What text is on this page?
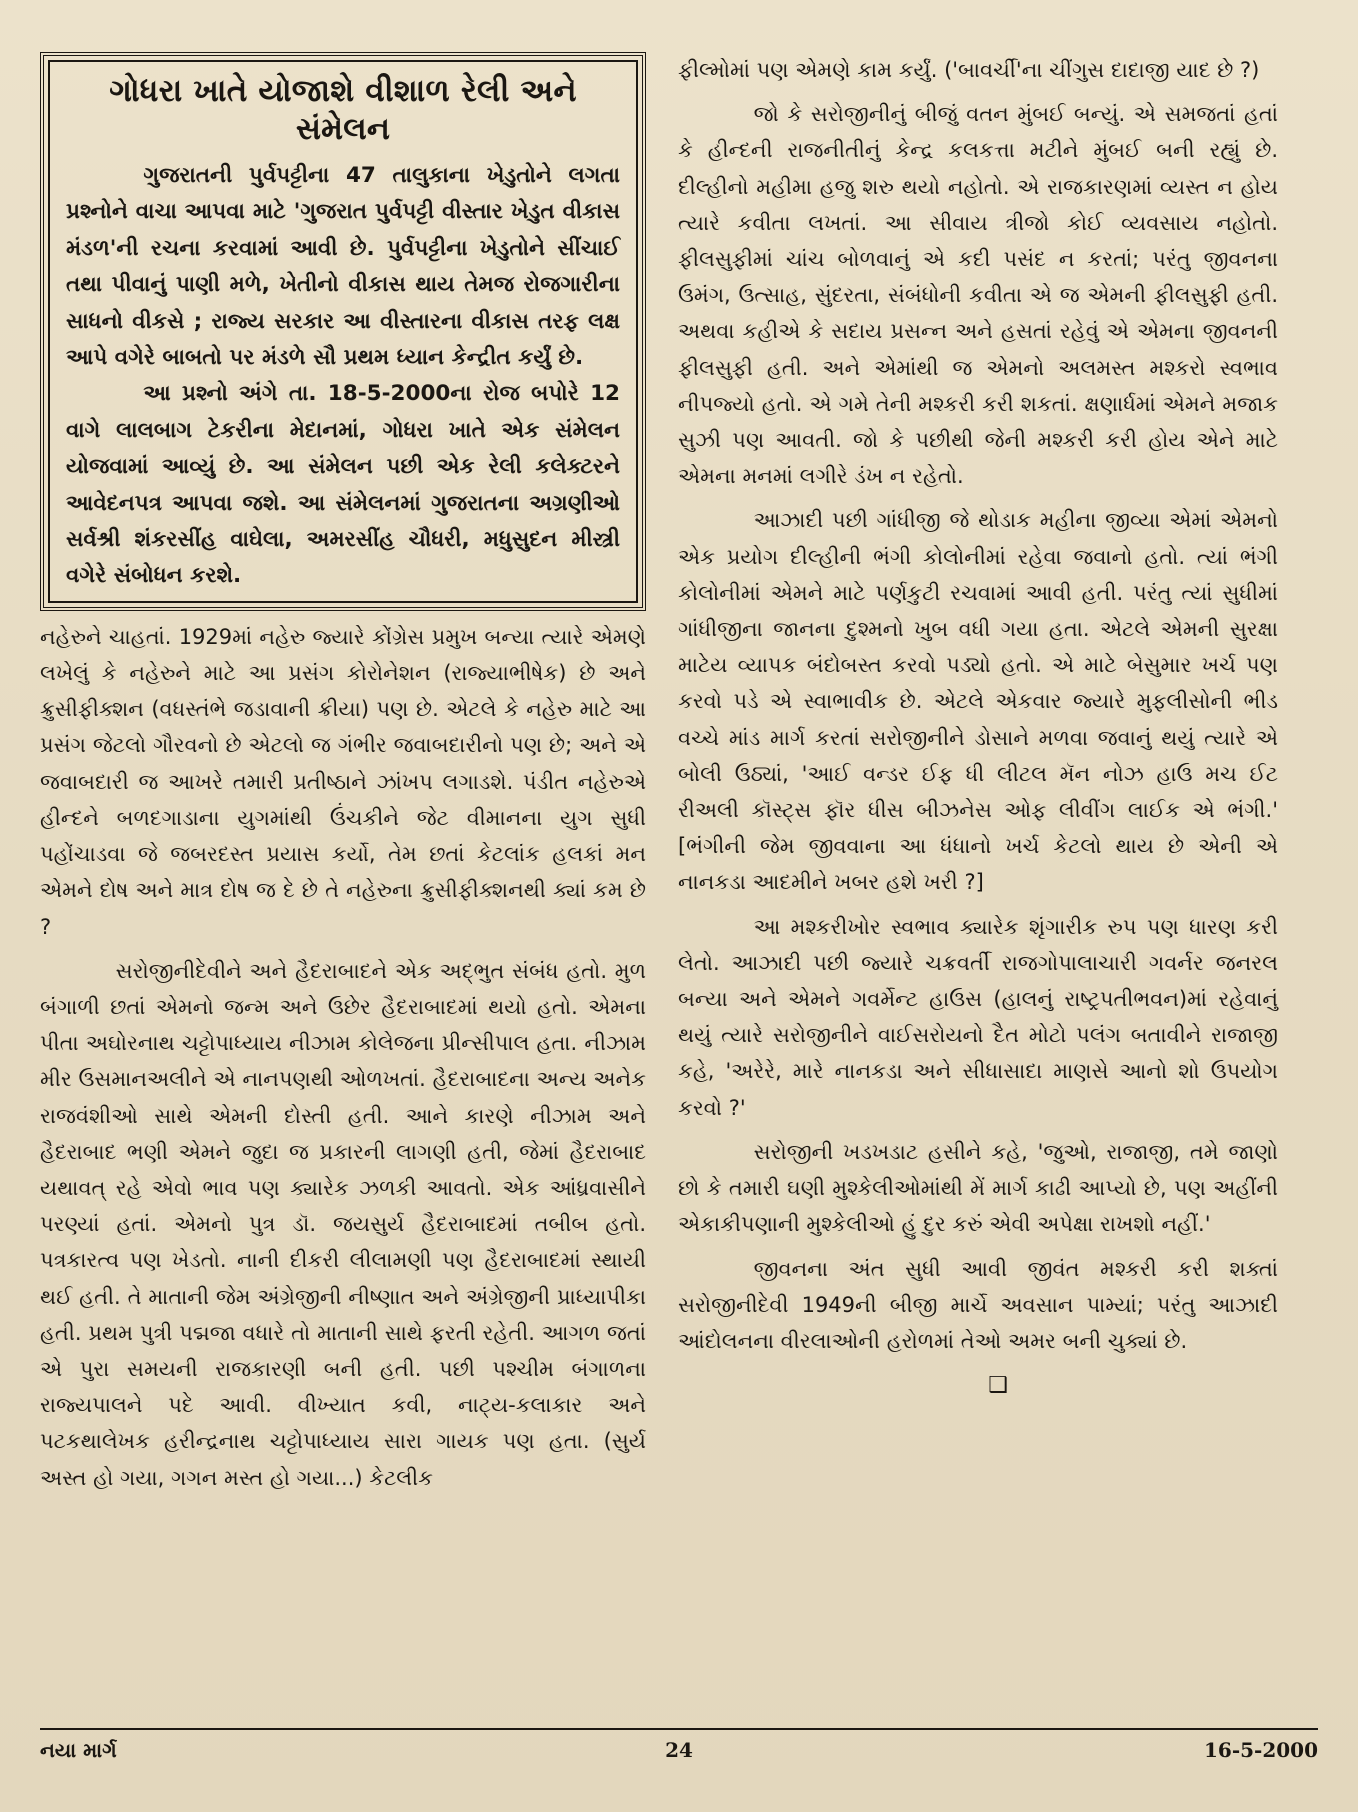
ગોધરા ખાતે યોજાશે વીશાળ રેલી અને સંમેલન

ગુજરાતની પુર્વપટ્ટીના 47 તાલુકાના ખેડુતોને લગતા પ્રશ્નોને વાચા આપવા માટે 'ગુજરાત પુર્વપટ્ટી વીસ્તાર ખેડુત વીકાસ મંડળ'ની રચના કરવામાં આવી છે. પુર્વપટ્ટીના ખેડુતોને સીંચાઈ તથા પીવાનું પાણી મળે, ખેતીનો વીકાસ થાય તેમજ રોજગારીના સાધનો વીકસે ; રાજ્ય સરકાર આ વીસ્તારના વીકાસ તરફ લક્ષ આપે વગેરે બાબતો પર મંડળે સૌ પ્રથમ ધ્યાન કેન્દ્રીત કર્યું છે.

આ પ્રશ્નો અંગે તા. 18-5-2000ના રોજ બપોરે 12 વાગે લાલબાગ ટેકરીના મેદાનમાં, ગોધરા ખાતે એક સંમેલન યોજવામાં આવ્યું છે. આ સંમેલન પછી એક રેલી કલેક્ટરને આવેદનપત્ર આપવા જશે. આ સંમેલનમાં ગુજરાતના અગ્રણીઓ સર્વશ્રી શંકરસીંહ વાઘેલા, અમરસીંહ ચૌધરી, મધુસુદન મીસ્ત્રી વગેરે સંબોધન કરશે.

નહેરુને ચાહતાં. 1929માં નહેરુ જ્યારે કોંગ્રેસ પ્રમુખ બન્યા ત્યારે એમણે લખેલું કે નહેરુને માટે આ પ્રસંગ કોરોનેશન (રાજ્યાભીષેક) છે અને ક્રુસીફીક્શન (વધસ્તંભે જડાવાની ક્રીયા) પણ છે. એટલે કે નહેરુ માટે આ પ્રસંગ જેટલો ગૌરવનો છે એટલો જ ગંભીર જવાબદારીનો પણ છે; અને એ જવાબદારી જ આખરે તમારી પ્રતીષ્ઠાને ઝાંખપ લગાડશે. પંડીત નહેરુએ હીન્દને બળદગાડાના યુગમાંથી ઉંચકીને જેટ વીમાનના યુગ સુધી પહોંચાડવા જે જબરદસ્ત પ્રયાસ કર્યો, તેમ છતાં કેટલાંક હલકાં મન એમને દોષ અને માત્ર દોષ જ દે છે તે નહેરુના ક્રુસીફીક્શનથી ક્યાં કમ છે ?

સરોજીનીદેવીને અને હૈદરાબાદને એક અદ્ભુત સંબંધ હતો. મુળ બંગાળી છતાં એમનો જન્મ અને ઉછેર હૈદરાબાદમાં થયો હતો. એમના પીતા અઘોરનાથ ચટ્ટોપાધ્યાય નીઝામ કોલેજના પ્રીન્સીપાલ હતા. નીઝામ મીર ઉસમાનઅલીને એ નાનપણથી ઓળખતાં. હૈદરાબાદના અન્ય અનેક રાજવંશીઓ સાથે એમની દોસ્તી હતી. આને કારણે નીઝામ અને હૈદરાબાદ ભણી એમને જુદા જ પ્રકારની લાગણી હતી, જેમાં હૈદરાબાદ યથાવત્ રહે એવો ભાવ પણ ક્યારેક ઝળકી આવતો. એક આંધ્રવાસીને પરણ્યાં હતાં. એમનો પુત્ર ડૉ. જયસુર્ય હૈદરાબાદમાં તબીબ હતો. પત્રકારત્વ પણ ખેડતો. નાની દીકરી લીલામણી પણ હૈદરાબાદમાં સ્થાયી થઈ હતી. તે માતાની જેમ અંગ્રેજીની નીષ્ણાત અને અંગ્રેજીની પ્રાધ્યાપીકા હતી. પ્રથમ પુત્રી પદ્મજા વધારે તો માતાની સાથે ફરતી રહેતી. આગળ જતાં એ પુરા સમયની રાજકારણી બની હતી. પછી પશ્ચીમ બંગાળના રાજ્યપાલને પદે આવી. વીખ્યાત કવી, નાટ્ય-કલાકાર અને પટકથાલેખક હરીન્દ્રનાથ ચટ્ટોપાધ્યાય સારા ગાયક પણ હતા. (સુર્ય અસ્ત હો ગયા, ગગન મસ્ત હો ગયા...) કેટલીક

ફીલ્મોમાં પણ એમણે કામ કર્યું. ('બાવર્ચી'ના ચીંગુસ દાદાજી યાદ છે ?)

જો કે સરોજીનીનું બીજું વતન મુંબઈ બન્યું. એ સમજતાં હતાં કે હીન્દની રાજનીતીનું કેન્દ્ર કલકત્તા મટીને મુંબઈ બની રહ્યું છે. દીલ્હીનો મહીમા હજુ શરુ થયો નહોતો. એ રાજકારણમાં વ્યસ્ત ન હોય ત્યારે કવીતા લખતાં. આ સીવાય ત્રીજો કોઈ વ્યવસાય નહોતો. ફીલસુફીમાં ચાંચ બોળવાનું એ કદી પસંદ ન કરતાં; પરંતુ જીવનના ઉમંગ, ઉત્સાહ, સુંદરતા, સંબંધોની કવીતા એ જ એમની ફીલસુફી હતી. અથવા કહીએ કે સદાય પ્રસન્ન અને હસતાં રહેવું એ એમના જીવનની ફીલસુફી હતી. અને એમાંથી જ એમનો અલમસ્ત મશ્કરો સ્વભાવ નીપજ્યો હતો. એ ગમે તેની મશ્કરી કરી શકતાં. ક્ષણાર્ધમાં એમને મજાક સુઝી પણ આવતી. જો કે પછીથી જેની મશ્કરી કરી હોય એને માટે એમના મનમાં લગીરે ડંખ ન રહેતો.

આઝાદી પછી ગાંધીજી જે થોડાક મહીના જીવ્યા એમાં એમનો એક પ્રયોગ દીલ્હીની ભંગી કોલોનીમાં રહેવા જવાનો હતો. ત્યાં ભંગી કોલોનીમાં એમને માટે પર્ણકુટી રચવામાં આવી હતી. પરંતુ ત્યાં સુધીમાં ગાંધીજીના જાનના દુશ્મનો ખુબ વધી ગયા હતા. એટલે એમની સુરક્ષા માટેય વ્યાપક બંદોબસ્ત કરવો પડ્યો હતો. એ માટે બેસુમાર ખર્ચ પણ કરવો પડે એ સ્વાભાવીક છે. એટલે એકવાર જ્યારે મુફલીસોની ભીડ વચ્ચે માંડ માર્ગ કરતાં સરોજીનીને ડોસાને મળવા જવાનું થયું ત્યારે એ બોલી ઉઠ્યાં, 'આઈ વન્ડર ઈફ ધી લીટલ મૅન નોઝ હાઉ મચ ઈટ રીઅલી કૉસ્ટ્સ ફૉર ધીસ બીઝનેસ ઓફ લીવીંગ લાઈક એ ભંગી.' [ભંગીની જેમ જીવવાના આ ધંધાનો ખર્ચ કેટલો થાય છે એની એ નાનકડા આદમીને ખબર હશે ખરી ?]

આ મશ્કરીખોર સ્વભાવ ક્યારેક શૃંગારીક રુપ પણ ધારણ કરી લેતો. આઝાદી પછી જ્યારે ચક્રવર્તી રાજગોપાલાચારી ગવર્નર જનરલ બન્યા અને એમને ગવર્મેન્ટ હાઉસ (હાલનું રાષ્ટ્રપતીભવન)માં રહેવાનું થયું ત્યારે સરોજીનીને વાઈસરોયનો દૈત મોટો પલંગ બતાવીને રાજાજી કહે, 'અરેરે, મારે નાનકડા અને સીધાસાદા માણસે આનો શો ઉપયોગ કરવો ?'

સરોજીની ખડખડાટ હસીને કહે, 'જુઓ, રાજાજી, તમે જાણો છો કે તમારી ઘણી મુશ્કેલીઓમાંથી મેં માર્ગ કાઢી આપ્યો છે, પણ અહીંની એકાકીપણાની મુશ્કેલીઓ હું દુર કરું એવી અપેક્ષા રાખશો નહીં.'

જીવનના અંત સુધી આવી જીવંત મશ્કરી કરી શક્તાં સરોજીનીદેવી 1949ની બીજી માર્ચે અવસાન પામ્યાં; પરંતુ આઝાદી આંદોલનના વીરલાઓની હરોળમાં તેઓ અમર બની ચુક્યાં છે.

❑
નયા માર્ગ	24	16-5-2000
